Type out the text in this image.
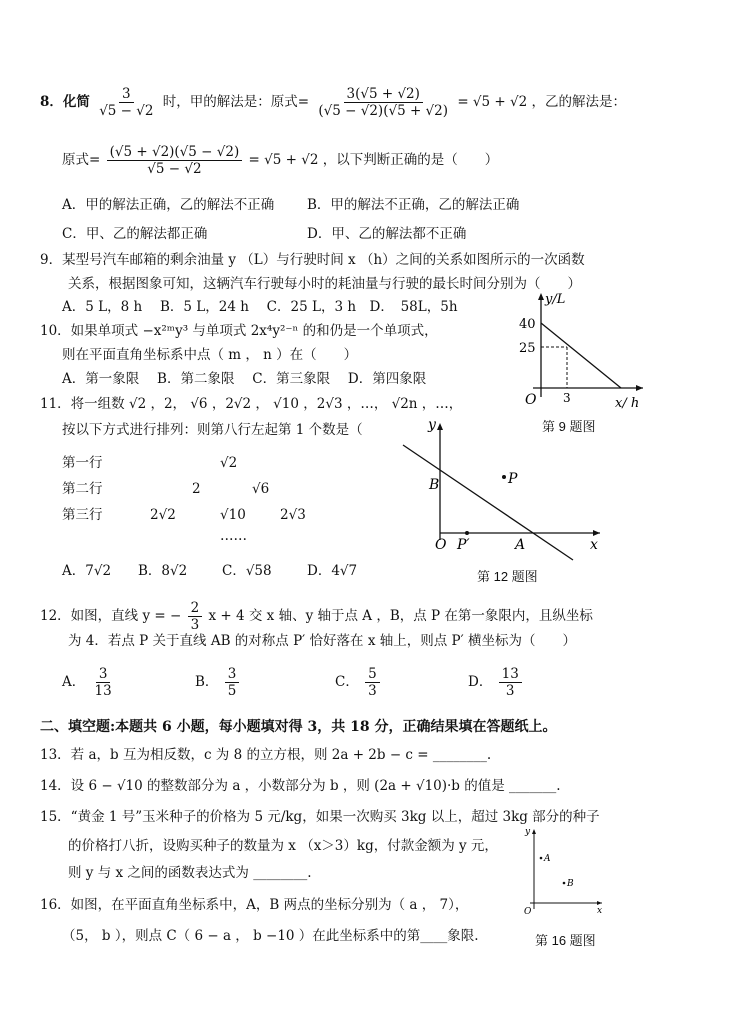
8．化简 $\frac{3}{√5 - √2}$ 时，甲的解法是：原式= $\frac{3(√5 + √2)}{(√5 - √2)(√5 + √2)} = √5 + √2$ ，乙的解法是：
原式= $\frac{(√5 + √2)(√5 - √2)}{√5 - √2} = √5 + √2$ ，以下判断正确的是（　　）
A．甲的解法正确，乙的解法不正确 B．甲的解法不正确，乙的解法正确
C．甲、乙的解法都正确	D．甲、乙的解法都不正确
9．某型号汽车邮箱的剩余油量 y （L）与行驶时间 x （h）之间的关系如图所示的一次函数
关系，根据图象可知，这辆汽车行驶每小时的耗油量与行驶的最长时间分别为（　　）
A．5 L，8 h　 B．5 L，24 h　 C．25 L，3 h　D．　58L，5h
10．如果单项式 −x²ᵐy³ 与单项式 2x⁴y²⁻ⁿ 的和仍是一个单项式，
则在平面直角坐标系中点（ m ， n ）在（　　）
A．第一象限　 B．第二象限　 C．第三象限　 D．第四象限
11．将一组数 √2 ，2， √6 ，2√2 ， √10 ，2√3 ，…， √2n ，…，
按以下方式进行排列：则第八行左起第 1 个数是（
第一行	√2
第二行	2	√6
第三行	2√2	√10	2√3
……
A．7√2 B．8√2	C．√58	D．4√7
12．如图，直线 y = − $\frac{2}{3}$ x + 4 交 x 轴、y 轴于点 A ，B，点 P 在第一象限内，且纵坐标
为 4．若点 P 关于直线 AB 的对称点 P′ 恰好落在 x 轴上，则点 P′ 横坐标为（　　）
A． $\frac{3}{13}$	B． $\frac{3}{5}$	C． $\frac{5}{3}$	D． $\frac{13}{3}$
二、填空题:本题共 6 小题，每小题填对得 3，共 18 分，正确结果填在答题纸上。
13．若 a，b 互为相反数，c 为 8 的立方根，则 2a + 2b − c = ________.
14．设 6 − √10 的整数部分为 a ，小数部分为 b ，则 (2a + √10)·b 的值是 _______.
15．“黄金 1 号”玉米种子的价格为 5 元/kg，如果一次购买 3kg 以上，超过 3kg 部分的种子
的价格打八折，设购买种子的数量为 x （x＞3）kg，付款金额为 y 元，
则 y 与 x 之间的函数表达式为 ________.
16．如图，在平面直角坐标系中，A，B 两点的坐标分别为（ a ， 7），
（5， b ），则点 C（ 6 − a ， b −10 ）在此坐标系中的第____象限.
y/L
40
25
3
O	x/ h
第 9 题图
y
B	P
O P′	A	x
第 12 题图
y
A
B
O	x
第 16 题图
